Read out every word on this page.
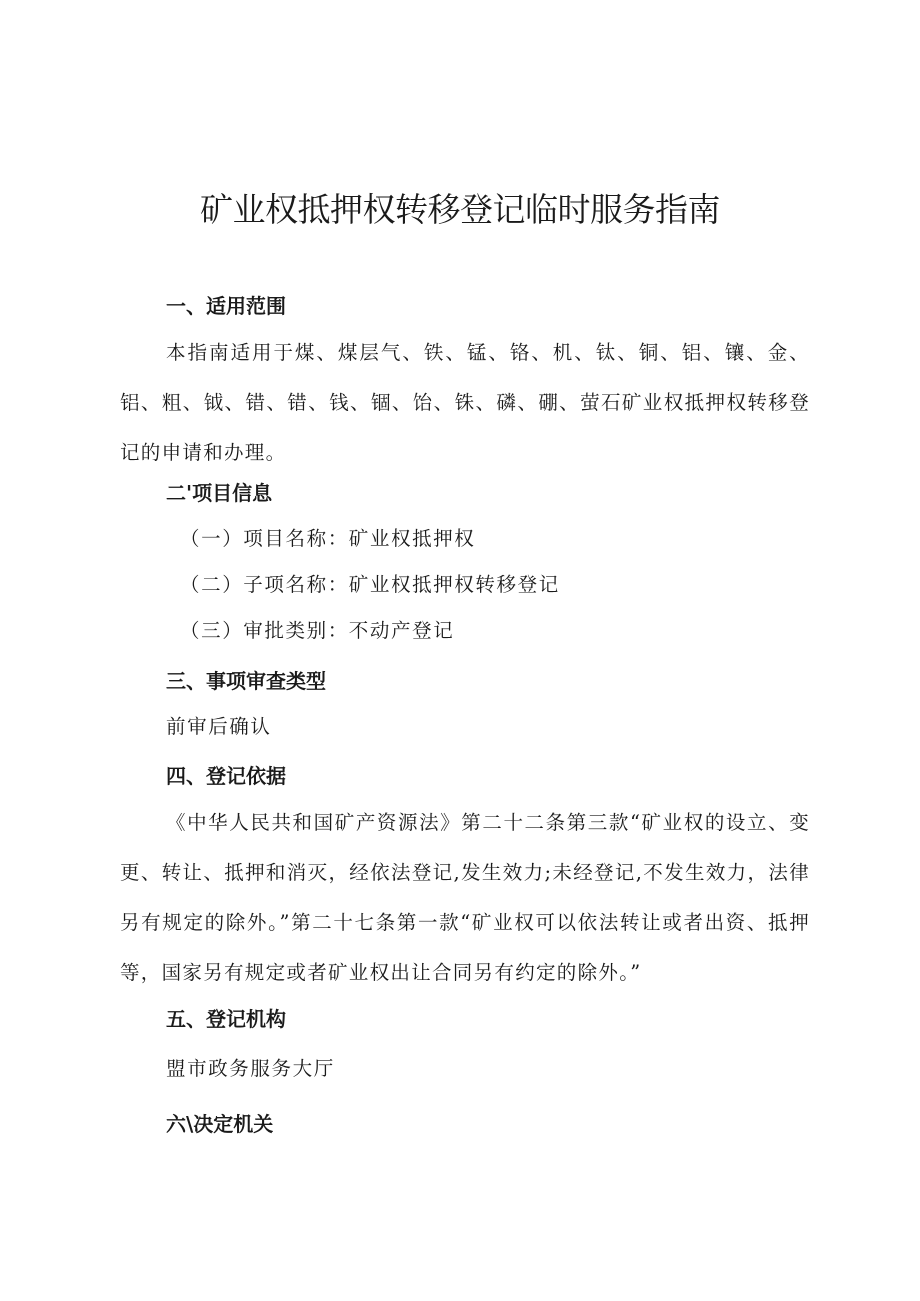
矿业权抵押权转移登记临时服务指南
一、适用范围
本指南适用于煤、煤层气、铁、锰、铬、机、钛、铜、铝、镶、金、铝、粗、钺、错、错、钱、锢、饴、铢、磷、硼、萤石矿业权抵押权转移登记的申请和办理。
二'项目信息
（一）项目名称：矿业权抵押权
（二）子项名称：矿业权抵押权转移登记
（三）审批类别：不动产登记
三、事项审查类型
前审后确认
四、登记依据
《中华人民共和国矿产资源法》第二十二条第三款“矿业权的设立、变更、转让、抵押和消灭，经依法登记,发生效力;未经登记,不发生效力，法律另有规定的除外。”第二十七条第一款“矿业权可以依法转让或者出资、抵押等，国家另有规定或者矿业权出让合同另有约定的除外。”
五、登记机构
盟市政务服务大厅
六\决定机关
